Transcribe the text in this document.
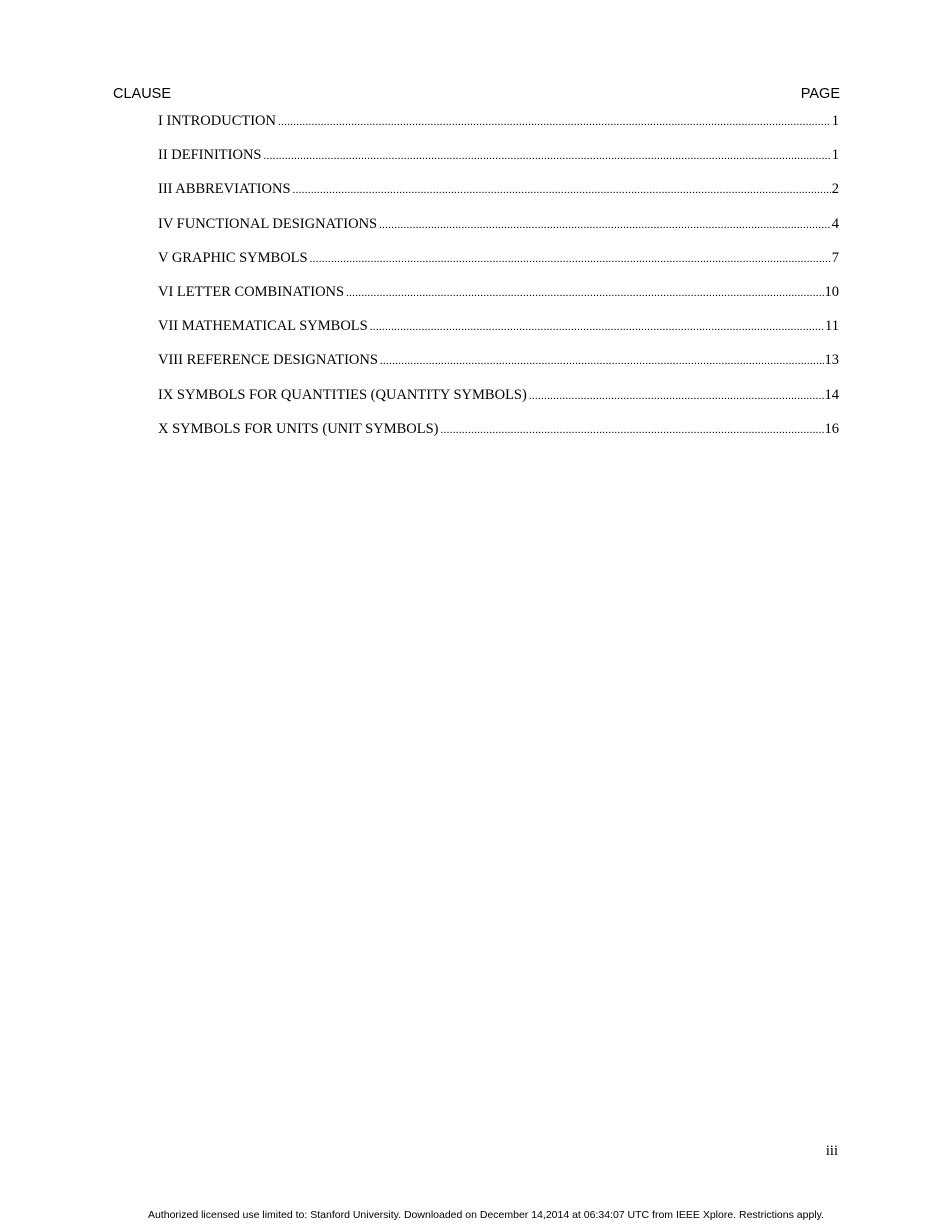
CLAUSE	PAGE
I INTRODUCTION .....	1
II DEFINITIONS .....	1
III ABBREVIATIONS .....	2
IV FUNCTIONAL DESIGNATIONS .....	4
V GRAPHIC SYMBOLS .....	7
VI LETTER COMBINATIONS .....	10
VII MATHEMATICAL SYMBOLS .....	11
VIII REFERENCE DESIGNATIONS .....	13
IX SYMBOLS FOR QUANTITIES (QUANTITY SYMBOLS) .....	14
X SYMBOLS FOR UNITS (UNIT SYMBOLS) .....	16
iii
Authorized licensed use limited to: Stanford University. Downloaded on December 14,2014 at 06:34:07 UTC from IEEE Xplore. Restrictions apply.
